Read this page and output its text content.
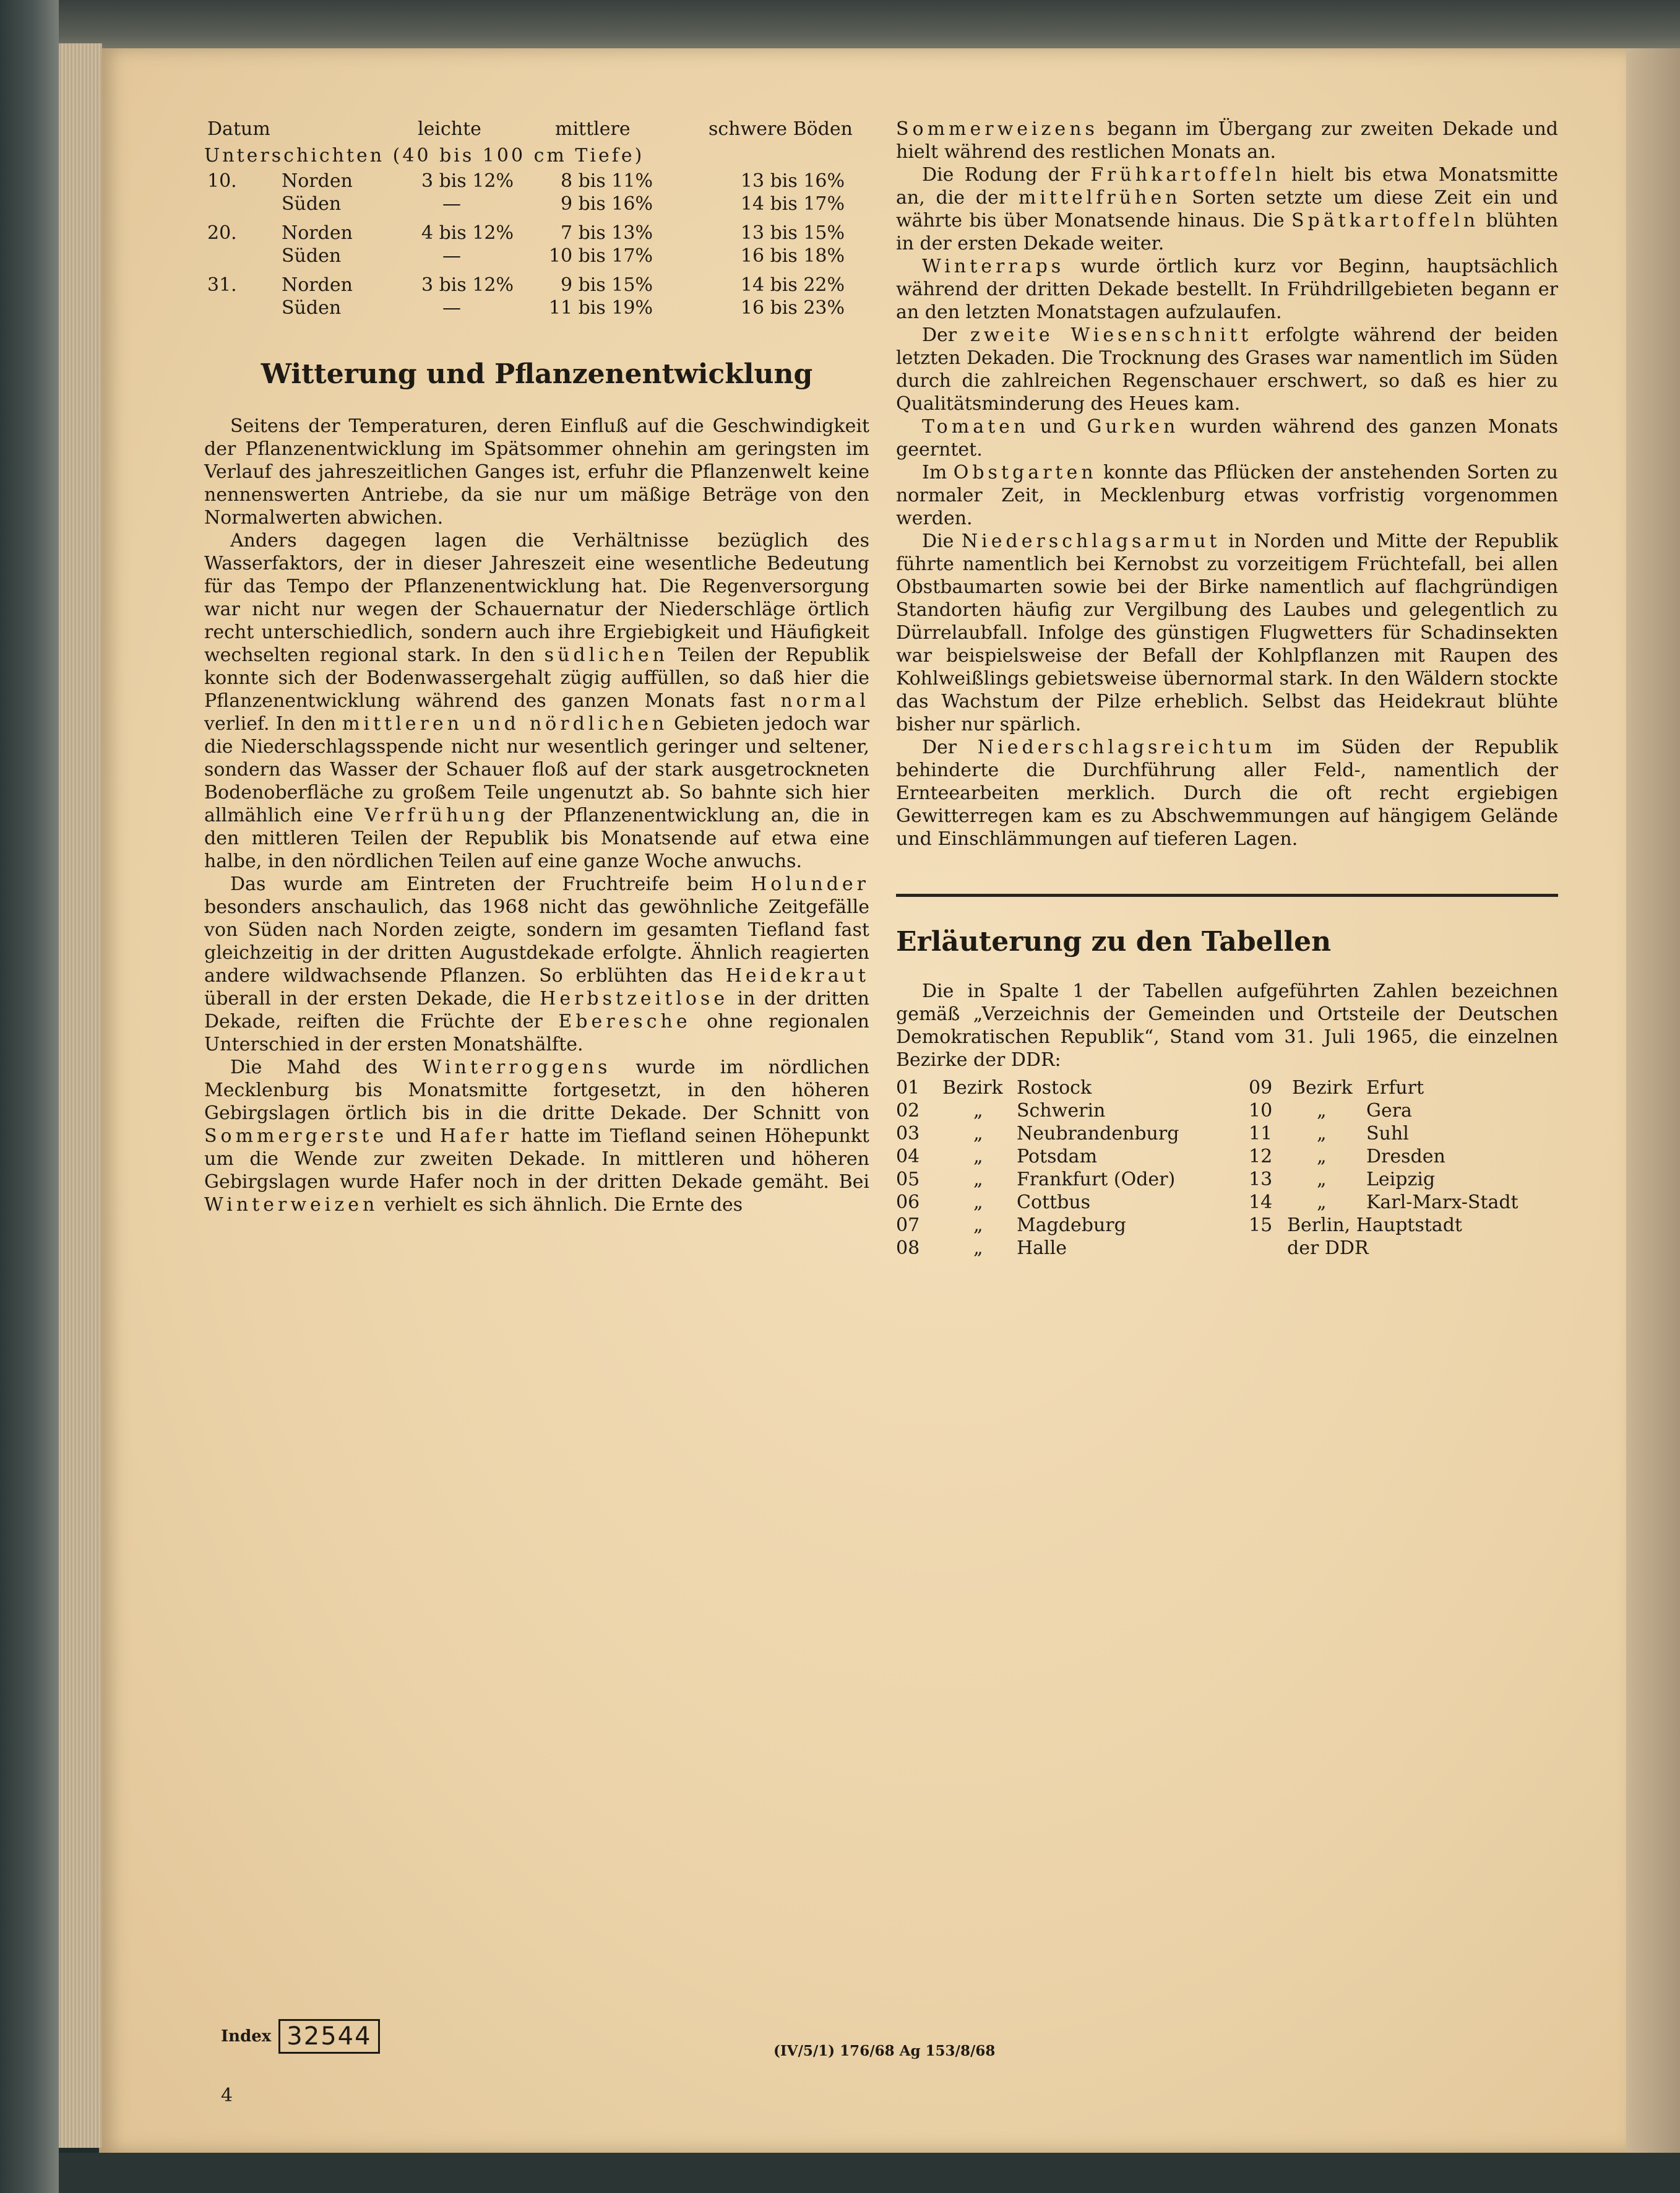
Datum	leichte	mittlere	schwere Böden
Unterschichten (40 bis 100 cm Tiefe)
10. Norden	3 bis 12%	8 bis 11%	13 bis 16%
Süden	—	9 bis 16%	14 bis 17%
20. Norden	4 bis 12%	7 bis 13%	13 bis 15%
Süden	—	10 bis 17%	16 bis 18%
31. Norden	3 bis 12%	9 bis 15%	14 bis 22%
Süden	—	11 bis 19%	16 bis 23%
Witterung und Pflanzenentwicklung

Seitens der Temperaturen, deren Einfluß auf die Geschwindigkeit der Pflanzenentwicklung im Spätsommer ohnehin am geringsten im Verlauf des jahreszeitlichen Ganges ist, erfuhr die Pflanzenwelt keine nennenswerten Antriebe, da sie nur um mäßige Beträge von den Normalwerten abwichen.

Anders dagegen lagen die Verhältnisse bezüglich des Wasserfaktors, der in dieser Jahreszeit eine wesentliche Bedeutung für das Tempo der Pflanzenentwicklung hat. Die Regenversorgung war nicht nur wegen der Schauernatur der Niederschläge örtlich recht unterschiedlich, sondern auch ihre Ergiebigkeit und Häufigkeit wechselten regional stark. In den südlichen Teilen der Republik konnte sich der Bodenwassergehalt zügig auffüllen, so daß hier die Pflanzenentwicklung während des ganzen Monats fast normal verlief. In den mittleren und nördlichen Gebieten jedoch war die Niederschlagsspende nicht nur wesentlich geringer und seltener, sondern das Wasser der Schauer floß auf der stark ausgetrockneten Bodenoberfläche zu großem Teile ungenutzt ab. So bahnte sich hier allmählich eine Verfrühung der Pflanzenentwicklung an, die in den mittleren Teilen der Republik bis Monatsende auf etwa eine halbe, in den nördlichen Teilen auf eine ganze Woche anwuchs.

Das wurde am Eintreten der Fruchtreife beim Holunder besonders anschaulich, das 1968 nicht das gewöhnliche Zeitgefälle von Süden nach Norden zeigte, sondern im gesamten Tiefland fast gleichzeitig in der dritten Augustdekade erfolgte. Ähnlich reagierten andere wildwachsende Pflanzen. So erblühten das Heidekraut überall in der ersten Dekade, die Herbstzeitlose in der dritten Dekade, reiften die Früchte der Eberesche ohne regionalen Unterschied in der ersten Monatshälfte.

Die Mahd des Winterroggens wurde im nördlichen Mecklenburg bis Monatsmitte fortgesetzt, in den höheren Gebirgslagen örtlich bis in die dritte Dekade. Der Schnitt von Sommergerste und Hafer hatte im Tiefland seinen Höhepunkt um die Wende zur zweiten Dekade. In mittleren und höheren Gebirgslagen wurde Hafer noch in der dritten Dekade gemäht. Bei Winterweizen verhielt es sich ähnlich. Die Ernte des

Sommerweizens begann im Übergang zur zweiten Dekade und hielt während des restlichen Monats an.

Die Rodung der Frühkartoffeln hielt bis etwa Monatsmitte an, die der mittelfrühen Sorten setzte um diese Zeit ein und währte bis über Monatsende hinaus. Die Spätkartoffeln blühten in der ersten Dekade weiter.

Winterraps wurde örtlich kurz vor Beginn, hauptsächlich während der dritten Dekade bestellt. In Frühdrillgebieten begann er an den letzten Monatstagen aufzulaufen.

Der zweite Wiesenschnitt erfolgte während der beiden letzten Dekaden. Die Trocknung des Grases war namentlich im Süden durch die zahlreichen Regenschauer erschwert, so daß es hier zu Qualitätsminderung des Heues kam.

Tomaten und Gurken wurden während des ganzen Monats geerntet.

Im Obstgarten konnte das Pflücken der anstehenden Sorten zu normaler Zeit, in Mecklenburg etwas vorfristig vorgenommen werden.

Die Niederschlagsarmut in Norden und Mitte der Republik führte namentlich bei Kernobst zu vorzeitigem Früchtefall, bei allen Obstbaumarten sowie bei der Birke namentlich auf flachgründigen Standorten häufig zur Vergilbung des Laubes und gelegentlich zu Dürrelaubfall. Infolge des günstigen Flugwetters für Schadinsekten war beispielsweise der Befall der Kohlpflanzen mit Raupen des Kohlweißlings gebietsweise übernormal stark. In den Wäldern stockte das Wachstum der Pilze erheblich. Selbst das Heidekraut blühte bisher nur spärlich.

Der Niederschlagsreichtum im Süden der Republik behinderte die Durchführung aller Feld-, namentlich der Ernteearbeiten merklich. Durch die oft recht ergiebigen Gewitterregen kam es zu Abschwemmungen auf hängigem Gelände und Einschlämmungen auf tieferen Lagen.

Erläuterung zu den Tabellen

Die in Spalte 1 der Tabellen aufgeführten Zahlen bezeichnen gemäß „Verzeichnis der Gemeinden und Ortsteile der Deutschen Demokratischen Republik“, Stand vom 31. Juli 1965, die einzelnen Bezirke der DDR:

01 Bezirk Rostock	09 Bezirk Erfurt
02	„ Schwerin	10 „ Gera
03	„ Neubrandenburg	11 „ Suhl
04	„ Potsdam	12 „ Dresden
05	„ Frankfurt (Oder)	13 „ Leipzig
06	„ Cottbus	14 „ Karl-Marx-Stadt
07	„ Magdeburg	15 Berlin, Hauptstadt
08	„ Halle	der DDR
Index 32544
(IV/5/1) 176/68 Ag 153/8/68
4
